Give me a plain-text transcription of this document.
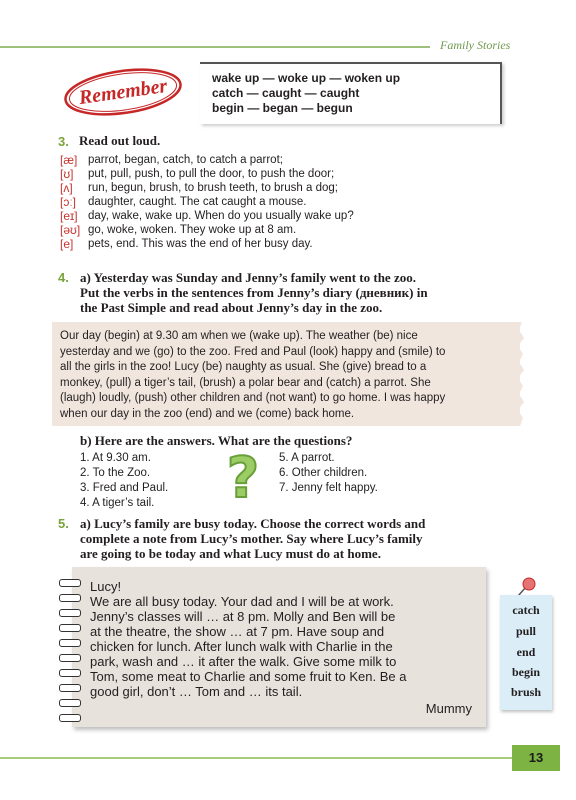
Family Stories
Remember	wake up — woke up — woken up
catch — caught — caught
begin — began — begun
3. Read out loud.
[æ] parrot, began, catch, to catch a parrot;
[ʊ] put, pull, push, to pull the door, to push the door;
[ʌ] run, begun, brush, to brush teeth, to brush a dog;
[ɔː] daughter, caught. The cat caught a mouse.
[eɪ] day, wake, wake up. When do you usually wake up?
[əʊ] go, woke, woken. They woke up at 8 am.
[e] pets, end. This was the end of her busy day.
4. a) Yesterday was Sunday and Jenny’s family went to the zoo.
Put the verbs in the sentences from Jenny’s diary (дневник) in
the Past Simple and read about Jenny’s day in the zoo.

Our day (begin) at 9.30 am when we (wake up). The weather (be) nice
yesterday and we (go) to the zoo. Fred and Paul (look) happy and (smile) to
all the girls in the zoo! Lucy (be) naughty as usual. She (give) bread to a
monkey, (pull) a tiger’s tail, (brush) a polar bear and (catch) a parrot. She
(laugh) loudly, (push) other children and (not want) to go home. I was happy
when our day in the zoo (end) and we (come) back home.

b) Here are the answers. What are the questions?
1. At 9.30 am.
2. To the Zoo.
3. Fred and Paul.
4. A tiger’s tail. ? 5. A parrot.
6. Other children.
7. Jenny felt happy.
5. a) Lucy’s family are busy today. Choose the correct words and
complete a note from Lucy’s mother. Say where Lucy’s family
are going to be today and what Lucy must do at home.

Lucy!

We are all busy today. Your dad and I will be at work.

Jenny’s classes will … at 8 pm. Molly and Ben will be

at the theatre, the show … at 7 pm. Have soup and

chicken for lunch. After lunch walk with Charlie in the

park, wash and … it after the walk. Give some milk to

Tom, some meat to Charlie and some fruit to Ken. Be a

good girl, don’t … Tom and … its tail.

Mummy

catch
pull
end
begin
brush
13
